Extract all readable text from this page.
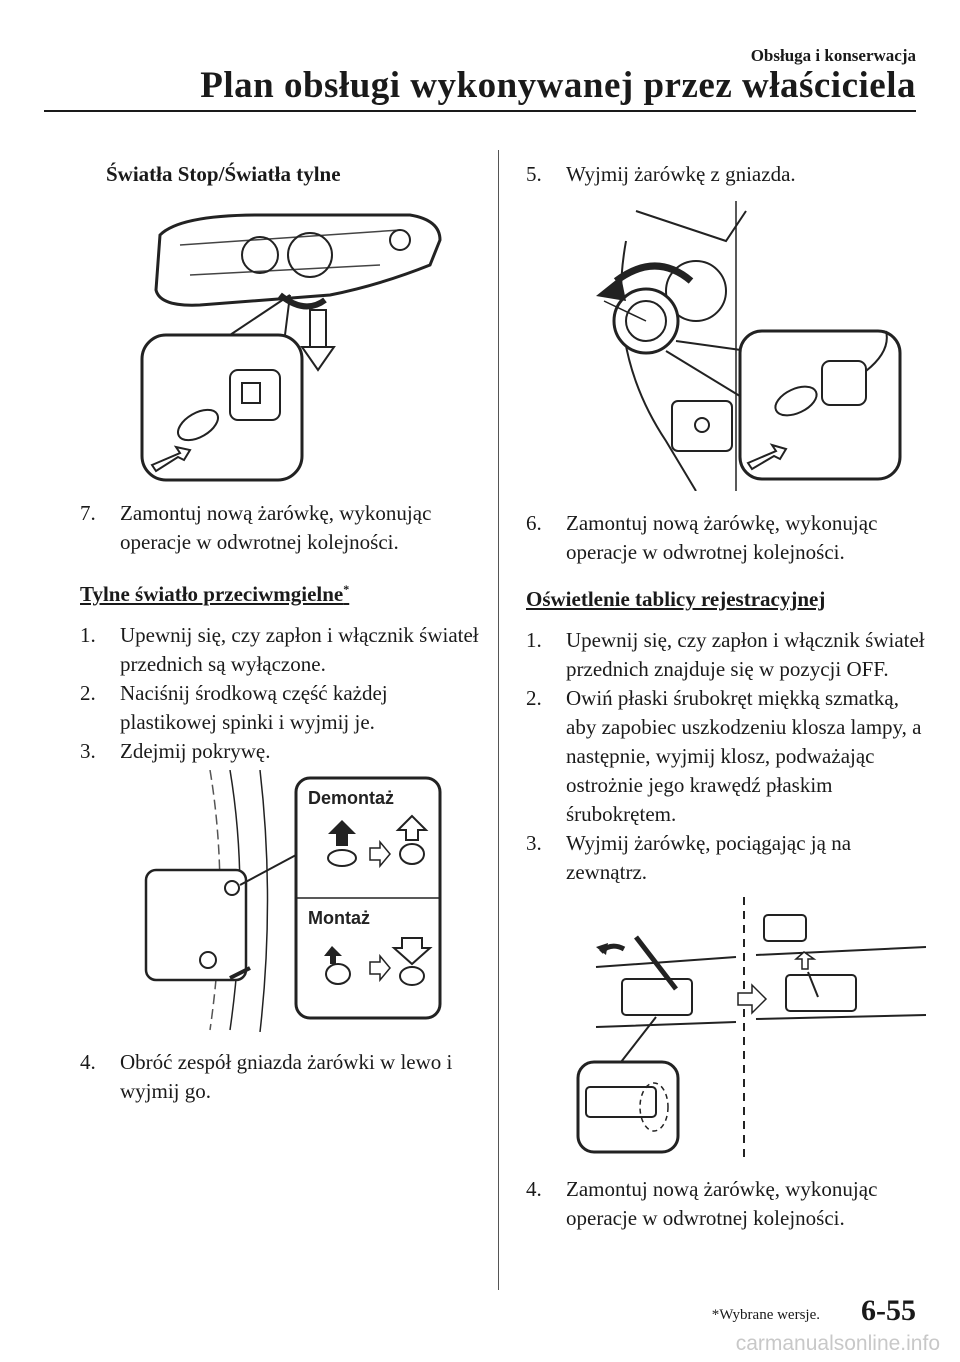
Obsługa i konserwacja
Plan obsługi wykonywanej przez właściciela
Światła Stop/Światła tylne
7. Zamontuj nową żarówkę, wykonując operacje w odwrotnej kolejności.
Tylne światło przeciwmgielne*
1. Upewnij się, czy zapłon i włącznik świateł przednich są wyłączone.
2. Naciśnij środkową część każdej plastikowej spinki i wyjmij je.
3. Zdejmij pokrywę.
Demontaż
Montaż
4. Obróć zespół gniazda żarówki w lewo i wyjmij go.
5. Wyjmij żarówkę z gniazda.
6. Zamontuj nową żarówkę, wykonując operacje w odwrotnej kolejności.
Oświetlenie tablicy rejestracyjnej
1. Upewnij się, czy zapłon i włącznik świateł przednich znajduje się w pozycji OFF.
2. Owiń płaski śrubokręt miękką szmatką, aby zapobiec uszkodzeniu klosza lampy, a następnie, wyjmij klosz, podważając ostrożnie jego krawędź płaskim śrubokrętem.
3. Wyjmij żarówkę, pociągając ją na zewnątrz.
4. Zamontuj nową żarówkę, wykonując operacje w odwrotnej kolejności.
*Wybrane wersje. 6-55
carmanualsonline.info
